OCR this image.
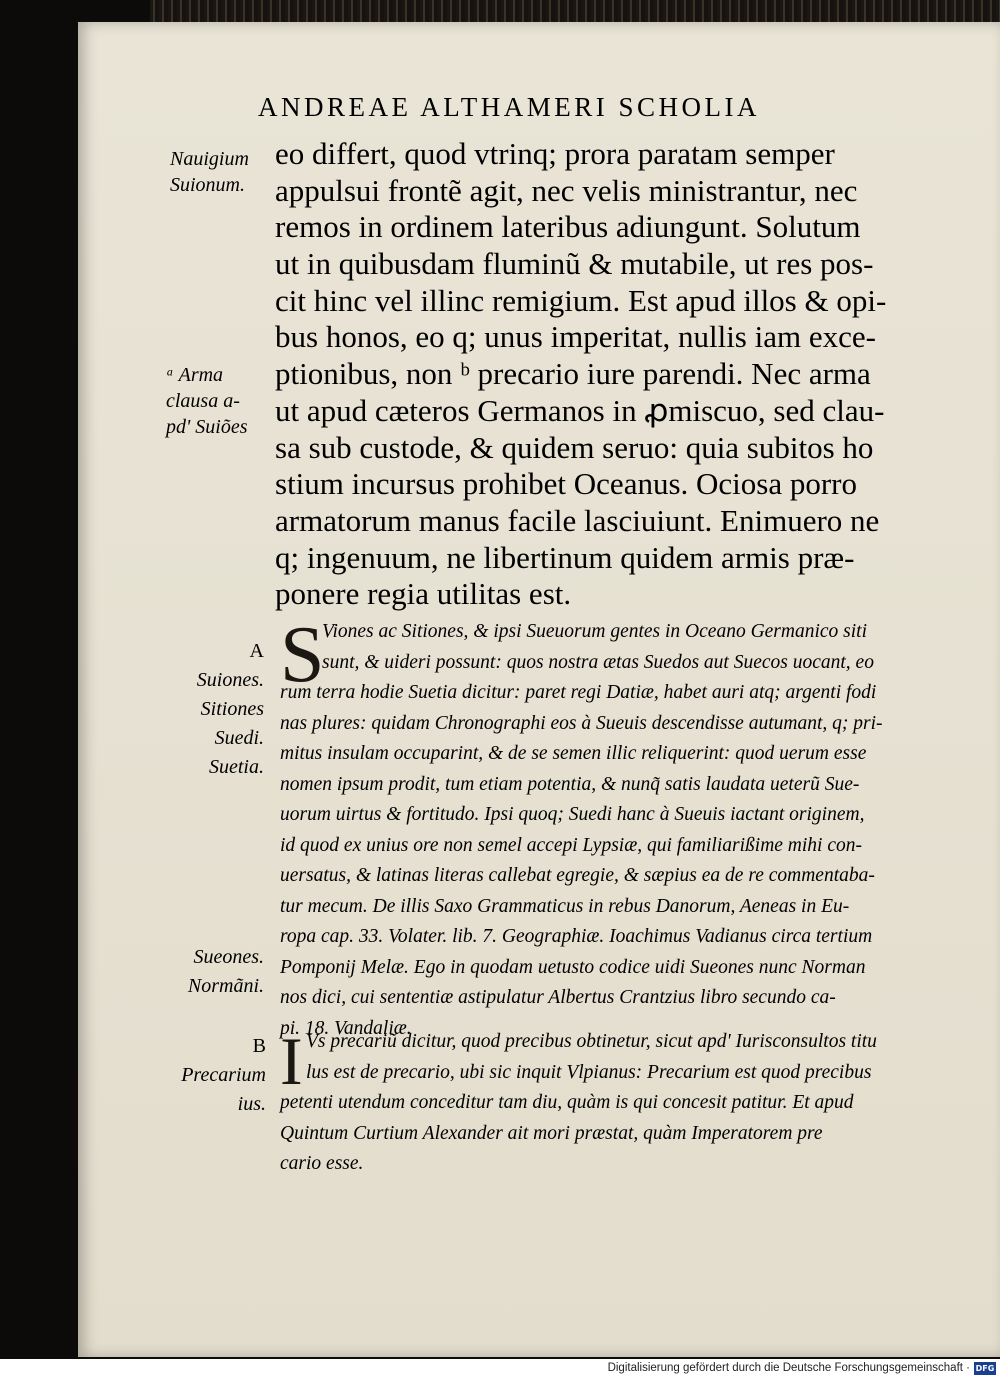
ANDREAE ALTHAMERI SCHOLIA
eo differt, quod vtrinq; prora paratam semper
appulsui frontẽ agit, nec velis ministrantur, nec
remos in ordinem lateribus adiungunt. Solutum
ut in quibusdam fluminũ & mutabile, ut res pos-
cit hinc vel illinc remigium. Est apud illos & opi-
bus honos, eo q; unus imperitat, nullis iam exce-
ptionibus, non ᵇ precario iure parendi. Nec arma
ut apud cæteros Germanos in ꝓmiscuo, sed clau-
sa sub custode, & quidem seruo: quia subitos ho
stium incursus prohibet Oceanus. Ociosa porro
armatorum manus facile lasciuiunt. Enimuero ne
q; ingenuum, ne libertinum quidem armis præ-
ponere regia utilitas est.
S
Viones ac Sitiones, & ipsi Sueuorum gentes in Oceano Germanico siti
sunt, & uideri possunt: quos nostra ætas Suedos aut Suecos uocant, eo
rum terra hodie Suetia dicitur: paret regi Datiæ, habet auri atq; argenti fodi
nas plures: quidam Chronographi eos à Sueuis descendisse autumant, q; pri-
mitus insulam occuparint, & de se semen illic reliquerint: quod uerum esse
nomen ipsum prodit, tum etiam potentia, & nunq̃ satis laudata ueterũ Sue-
uorum uirtus & fortitudo. Ipsi quoq; Suedi hanc à Sueuis iactant originem,
id quod ex unius ore non semel accepi Lypsiæ, qui familiarißime mihi con-
uersatus, & latinas literas callebat egregie, & sæpius ea de re commentaba-
tur mecum. De illis Saxo Grammaticus in rebus Danorum, Aeneas in Eu-
ropa cap. 33. Volater. lib. 7. Geographiæ. Ioachimus Vadianus circa tertium
Pomponij Melæ. Ego in quodam uetusto codice uidi Sueones nunc Norman
nos dici, cui sententiæ astipulatur Albertus Crantzius libro secundo ca-
pi. 18. Vandaliæ.
I Vs precariũ dicitur, quod precibus obtinetur, sicut apd' Iurisconsultos titu
lus est de precario, ubi sic inquit Vlpianus: Precarium est quod precibus
petenti utendum conceditur tam diu, quàm is qui concesit patitur. Et apud
Quintum Curtium Alexander ait mori præstat, quàm Imperatorem pre
cario esse.
Nauigium
Suionum.
ᵃ Arma
clausa a-
pd' Suiões
A
Suiones.
Sitiones
Suedi.
Suetia.
Sueones.
Normãni.
B
Precarium
ius.
Digitalisierung gefördert durch die Deutsche Forschungsgemeinschaft · DFG
